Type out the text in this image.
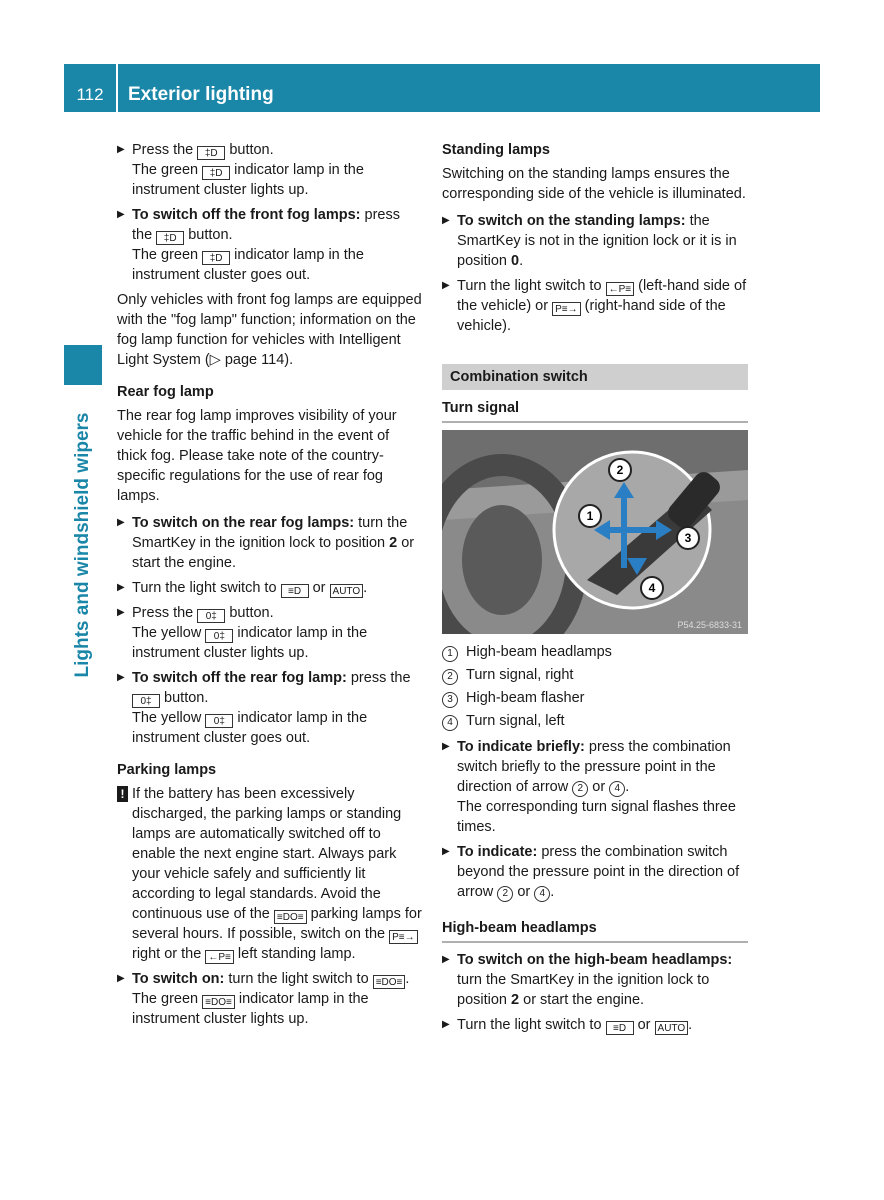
112	Exterior lighting
Lights and windshield wipers
▶ Press the ‡D button.
The green ‡D indicator lamp in the instrument cluster lights up.
▶ To switch off the front fog lamps: press the ‡D button.
The green ‡D indicator lamp in the instrument cluster goes out.

Only vehicles with front fog lamps are equipped with the "fog lamp" function; information on the fog lamp function for vehicles with Intelligent Light System (▷ page 114).

Rear fog lamp

The rear fog lamp improves visibility of your vehicle for the traffic behind in the event of thick fog. Please take note of the country-specific regulations for the use of rear fog lamps.

▶ To switch on the rear fog lamps: turn the SmartKey in the ignition lock to position 2 or start the engine.
▶ Turn the light switch to ≡D or AUTO .
▶ Press the 0‡ button.
The yellow 0‡ indicator lamp in the instrument cluster lights up.
▶ To switch off the rear fog lamp: press the 0‡ button.
The yellow 0‡ indicator lamp in the instrument cluster goes out.

Parking lamps

! If the battery has been excessively discharged, the parking lamps or standing lamps are automatically switched off to enable the next engine start. Always park your vehicle safely and sufficiently lit according to legal standards. Avoid the continuous use of the ≡DO≡ parking lamps for several hours. If possible, switch on the P≡→ right or the ←P≡ left standing lamp.
▶ To switch on: turn the light switch to ≡DO≡ .
The green ≡DO≡ indicator lamp in the instrument cluster lights up.

Standing lamps

Switching on the standing lamps ensures the corresponding side of the vehicle is illuminated.

▶ To switch on the standing lamps: the SmartKey is not in the ignition lock or it is in position 0.
▶ Turn the light switch to ←P≡ (left-hand side of the vehicle) or P≡→ (right-hand side of the vehicle).
Combination switch
Turn signal
2
1
3
4
P54.25-6833-31
1 High-beam headlamps
2 Turn signal, right
3 High-beam flasher
4 Turn signal, left
▶ To indicate briefly: press the combination switch briefly to the pressure point in the direction of arrow 2 or 4 .
The corresponding turn signal flashes three times.
▶ To indicate: press the combination switch beyond the pressure point in the direction of arrow 2 or 4 .
High-beam headlamps
▶ To switch on the high-beam headlamps: turn the SmartKey in the ignition lock to position 2 or start the engine.
▶ Turn the light switch to ≡D or AUTO .
